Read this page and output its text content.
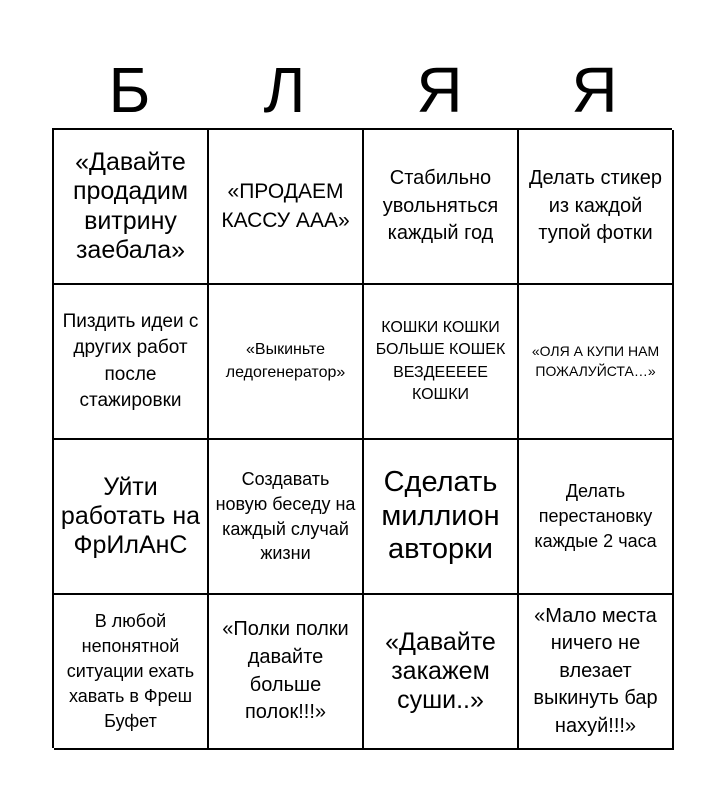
Б	Л	Я	Я
«Давайте продадим витрину заебала»
«ПРОДАЕМ КАССУ ААА»
Стабильно увольняться каждый год
Делать стикер из каждой тупой фотки
Пиздить идеи с других работ после стажировки
«Выкиньте ледогенератор»
КОШКИ КОШКИ БОЛЬШЕ КОШЕК ВЕЗДЕЕЕЕЕ КОШКИ
«ОЛЯ А КУПИ НАМ ПОЖАЛУЙСТА…»
Уйти работать на ФрИлАнС
Создавать новую беседу на каждый случай жизни
Сделать миллион авторки
Делать перестановку каждые 2 часа
В любой непонятной ситуации ехать хавать в Фреш Буфет
«Полки полки давайте больше полок!!!»
«Давайте закажем суши..»
«Мало места ничего не влезает выкинуть бар нахуй!!!»
